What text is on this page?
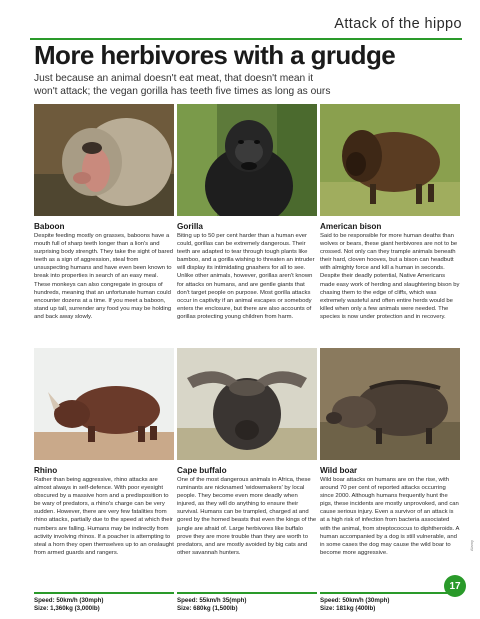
Attack of the hippo
More herbivores with a grudge
Just because an animal doesn't eat meat, that doesn't mean it won't attack; the vegan gorilla has teeth five times as long as ours
Baboon
Despite feeding mostly on grasses, baboons have a mouth full of sharp teeth longer than a lion's and surprising body strength. They take the sight of bared teeth as a sign of aggression, steal from unsuspecting humans and have even been known to break into properties in search of an easy meal. These monkeys can also congregate in groups of hundreds, meaning that an unfortunate human could encounter dozens at a time. If you meet a baboon, stand up tall, surrender any food you may be holding and back away slowly.
Gorilla
Biting up to 50 per cent harder than a human ever could, gorillas can be extremely dangerous. Their teeth are adapted to tear through tough plants like bamboo, and a gorilla wishing to threaten an intruder will display its intimidating gnashers for all to see. Unlike other animals, however, gorillas aren't known for attacks on humans, and are gentle giants that don't target people on purpose. Most gorilla attacks occur in captivity if an animal escapes or somebody enters the enclosure, but there are also accounts of gorillas protecting young children from harm.
American bison
Said to be responsible for more human deaths than wolves or bears, these giant herbivores are not to be crossed. Not only can they trample animals beneath their hard, cloven hooves, but a bison can headbutt with almighty force and kill a human in seconds. Despite their deadly potential, Native Americans made easy work of herding and slaughtering bison by chasing them to the edge of cliffs, which was extremely wasteful and often entire herds would be killed when only a few animals were needed. The species is now under protection and in recovery.
Rhino
Rather than being aggressive, rhino attacks are almost always in self-defence. With poor eyesight obscured by a massive horn and a predisposition to be wary of predators, a rhino's charge can be very sudden. However, there are very few fatalities from rhino attacks, partially due to the speed at which their numbers are falling. Humans may be indirectly from activity involving rhinos. If a poacher is attempting to steal a horn they open themselves up to an onslaught from armed guards and rangers.
Speed: 50km/h (30mph)
Size: 1,360kg (3,000lb)
Cape buffalo
One of the most dangerous animals in Africa, these ruminants are nicknamed 'widowmakers' by local people. They become even more deadly when injured, as they will do anything to ensure their survival. Humans can be trampled, charged at and gored by the horned beasts that even the kings of the jungle are afraid of. Large herbivores like buffalo prove they are more trouble than they are worth to predators, and are mostly avoided by big cats and other savannah hunters.
Speed: 55km/h 35(mph)
Size: 680kg (1,500lb)
Wild boar
Wild boar attacks on humans are on the rise, with around 70 per cent of reported attacks occurring since 2000. Although humans frequently hunt the pigs, these incidents are mostly unprovoked, and can cause serious injury. Even a survivor of an attack is at a high risk of infection from bacteria associated with the animal, from streptococcus to diphtheroids. A human accompanied by a dog is still vulnerable, and in some cases the dog may cause the wild boar to become more aggressive.
Speed: 50km/h (30mph)
Size: 181kg (400lb)
Alamy
17
